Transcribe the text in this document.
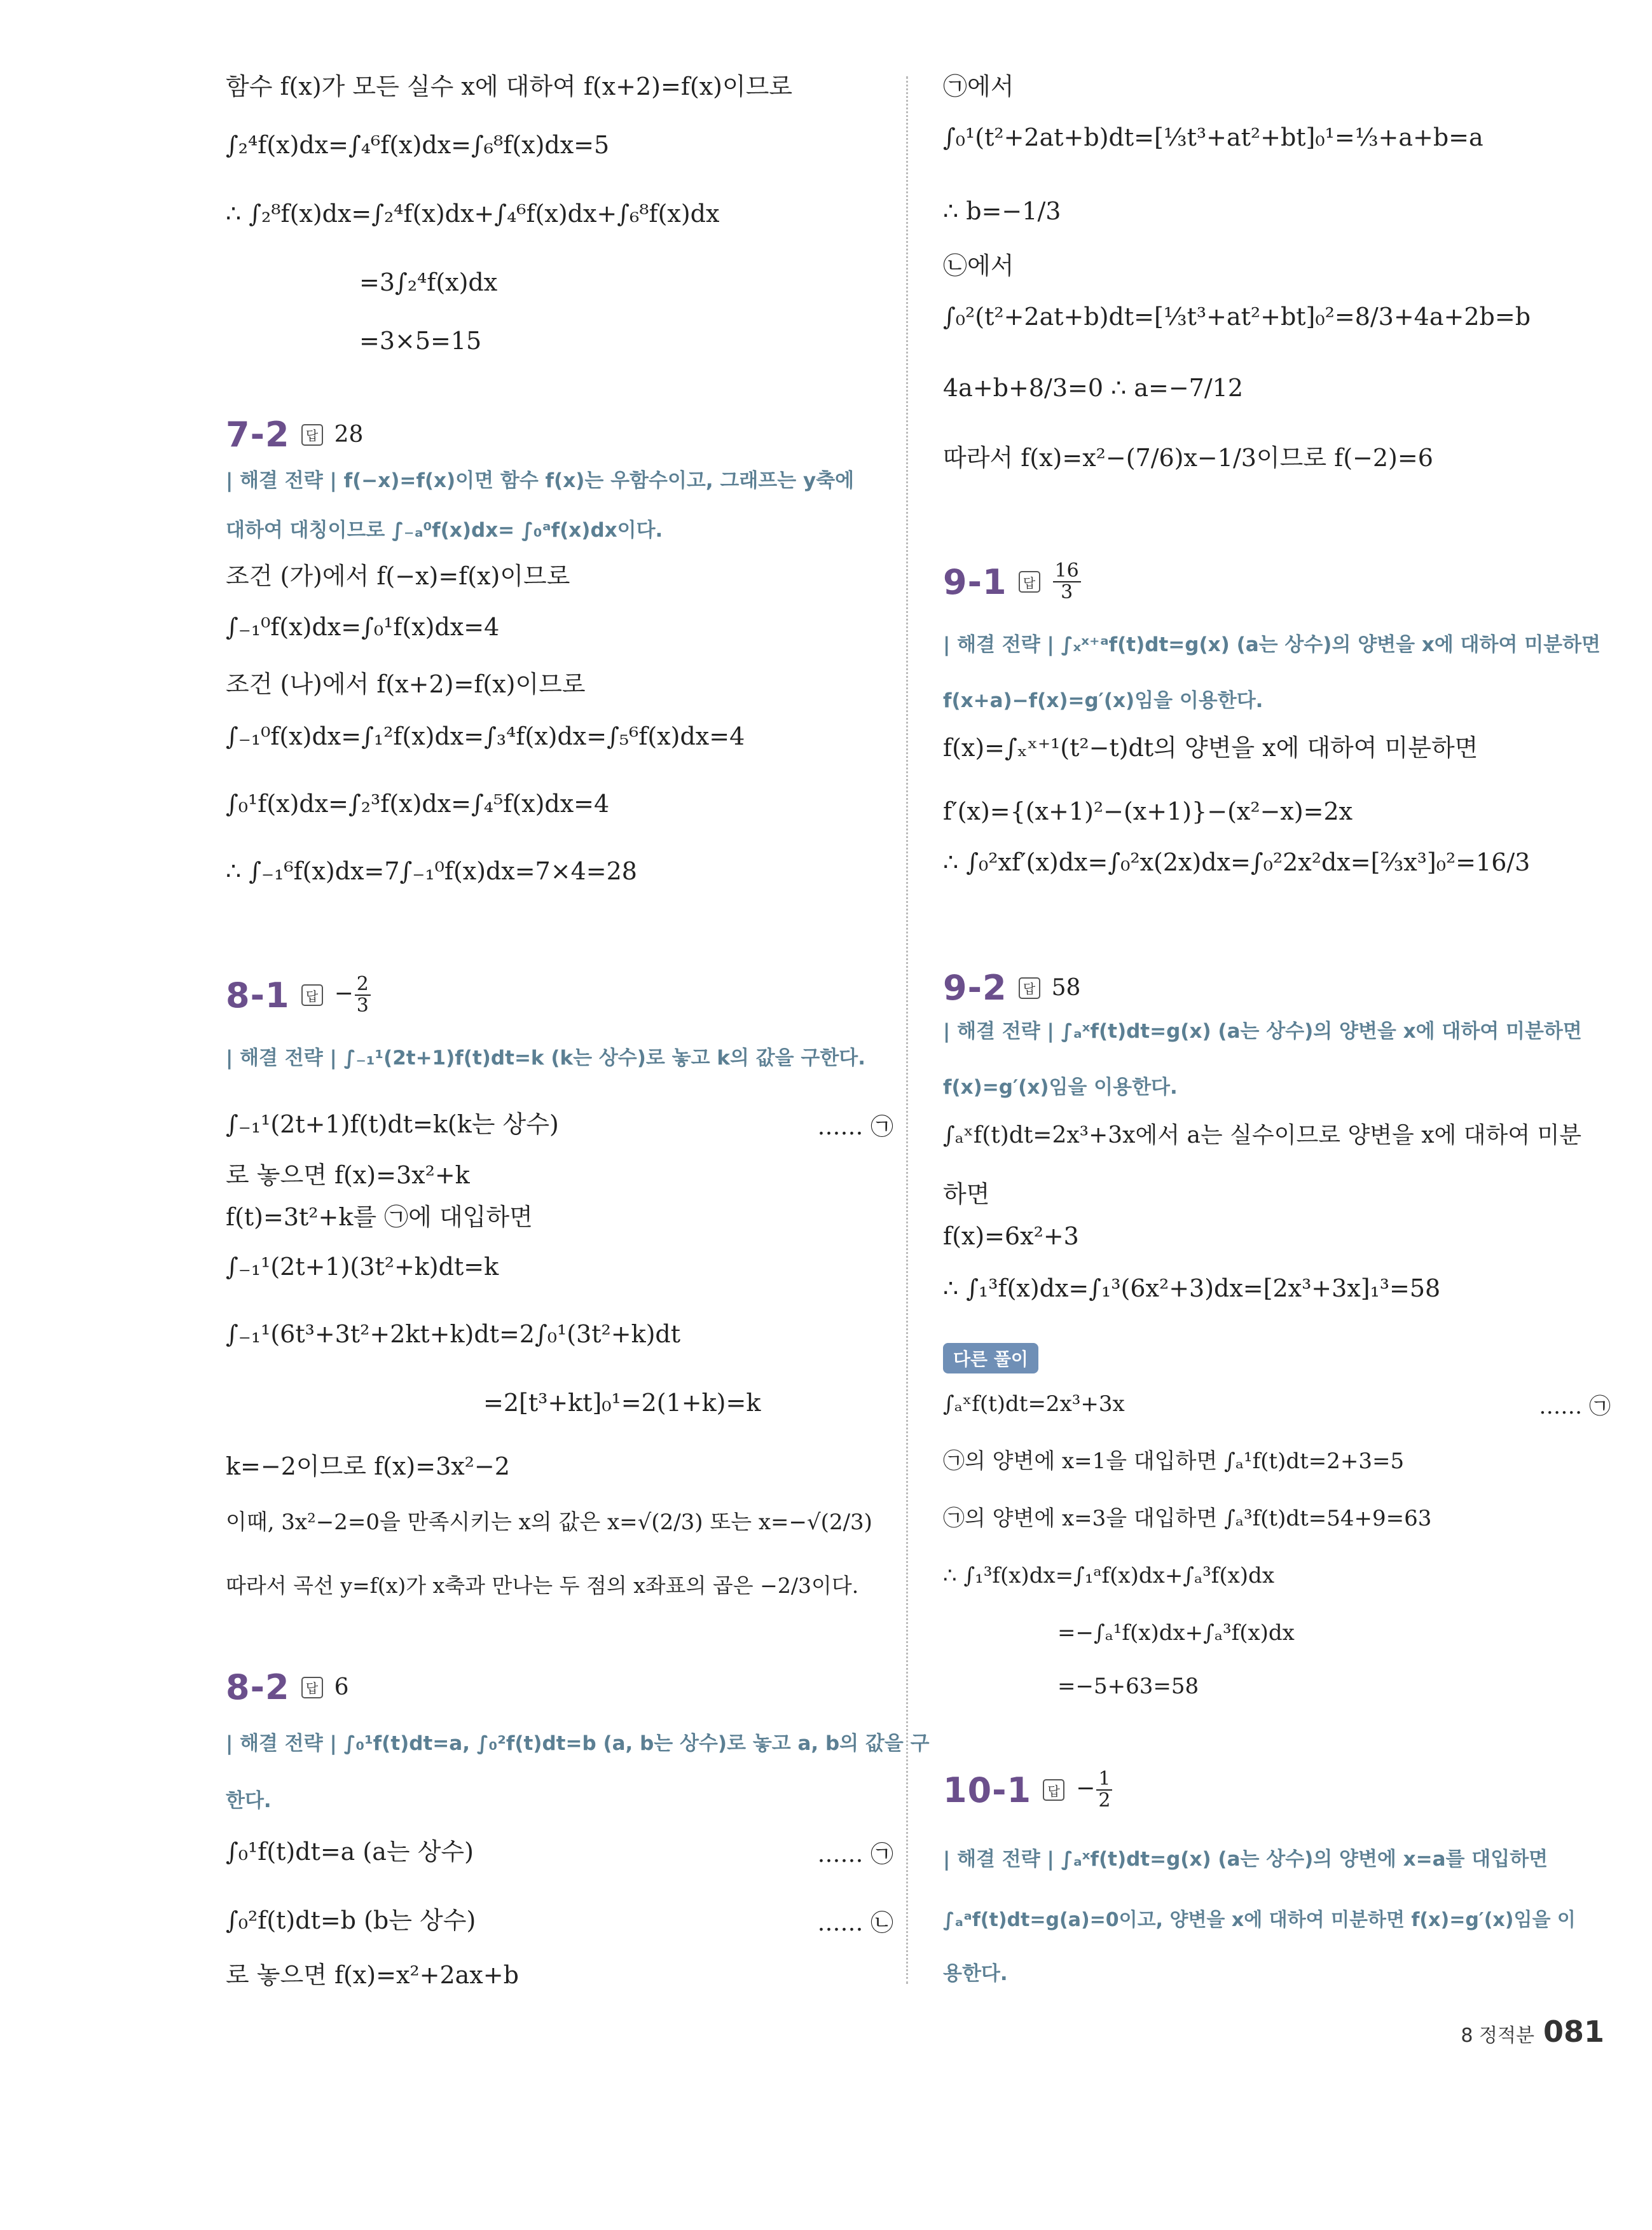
함수 f(x)가 모든 실수 x에 대하여 f(x+2)=f(x)이므로
∫₂⁴f(x)dx=∫₄⁶f(x)dx=∫₆⁸f(x)dx=5
∴ ∫₂⁸f(x)dx=∫₂⁴f(x)dx+∫₄⁶f(x)dx+∫₆⁸f(x)dx
=3∫₂⁴f(x)dx
=3×5=15
7-2	답 28
| 해결 전략 | f(−x)=f(x)이면 함수 f(x)는 우함수이고, 그래프는 y축에
대하여 대칭이므로 ∫₋ₐ⁰f(x)dx= ∫₀ᵃf(x)dx이다.
조건 (가)에서 f(−x)=f(x)이므로
∫₋₁⁰f(x)dx=∫₀¹f(x)dx=4
조건 (나)에서 f(x+2)=f(x)이므로
∫₋₁⁰f(x)dx=∫₁²f(x)dx=∫₃⁴f(x)dx=∫₅⁶f(x)dx=4
∫₀¹f(x)dx=∫₂³f(x)dx=∫₄⁵f(x)dx=4
∴ ∫₋₁⁶f(x)dx=7∫₋₁⁰f(x)dx=7×4=28
8-1	답 − $\frac{2}{3}$
| 해결 전략 | ∫₋₁¹(2t+1)f(t)dt=k (k는 상수)로 놓고 k의 값을 구한다.
∫₋₁¹(2t+1)f(t)dt=k(k는 상수)	…… ㉠
로 놓으면 f(x)=3x²+k
f(t)=3t²+k를 ㉠에 대입하면
∫₋₁¹(2t+1)(3t²+k)dt=k
∫₋₁¹(6t³+3t²+2kt+k)dt=2∫₀¹(3t²+k)dt
=2[t³+kt]₀¹=2(1+k)=k
k=−2이므로 f(x)=3x²−2
이때, 3x²−2=0을 만족시키는 x의 값은 x=√(2/3) 또는 x=−√(2/3)
따라서 곡선 y=f(x)가 x축과 만나는 두 점의 x좌표의 곱은 −2/3이다.
8-2	답 6
| 해결 전략 | ∫₀¹f(t)dt=a, ∫₀²f(t)dt=b (a, b는 상수)로 놓고 a, b의 값을 구
한다.
∫₀¹f(t)dt=a (a는 상수)	…… ㉠
∫₀²f(t)dt=b (b는 상수)	…… ㉡
로 놓으면 f(x)=x²+2ax+b
㉠에서
∫₀¹(t²+2at+b)dt=[⅓t³+at²+bt]₀¹=⅓+a+b=a
∴ b=−1/3
㉡에서
∫₀²(t²+2at+b)dt=[⅓t³+at²+bt]₀²=8/3+4a+2b=b
4a+b+8/3=0 ∴ a=−7/12
따라서 f(x)=x²−(7/6)x−1/3이므로 f(−2)=6
9-1	답 $\frac{16}{3}$
| 해결 전략 | ∫ₓˣ⁺ᵃf(t)dt=g(x) (a는 상수)의 양변을 x에 대하여 미분하면
f(x+a)−f(x)=g′(x)임을 이용한다.
f(x)=∫ₓˣ⁺¹(t²−t)dt의 양변을 x에 대하여 미분하면
f′(x)={(x+1)²−(x+1)}−(x²−x)=2x
∴ ∫₀²xf′(x)dx=∫₀²x(2x)dx=∫₀²2x²dx=[⅔x³]₀²=16/3
9-2	답 58
| 해결 전략 | ∫ₐˣf(t)dt=g(x) (a는 상수)의 양변을 x에 대하여 미분하면
f(x)=g′(x)임을 이용한다.
∫ₐˣf(t)dt=2x³+3x에서 a는 실수이므로 양변을 x에 대하여 미분
하면
f(x)=6x²+3
∴ ∫₁³f(x)dx=∫₁³(6x²+3)dx=[2x³+3x]₁³=58
다른 풀이
∫ₐˣf(t)dt=2x³+3x	…… ㉠
㉠의 양변에 x=1을 대입하면 ∫ₐ¹f(t)dt=2+3=5
㉠의 양변에 x=3을 대입하면 ∫ₐ³f(t)dt=54+9=63
∴ ∫₁³f(x)dx=∫₁ᵃf(x)dx+∫ₐ³f(x)dx
=−∫ₐ¹f(x)dx+∫ₐ³f(x)dx
=−5+63=58
10-1	답 − $\frac{1}{2}$
| 해결 전략 | ∫ₐˣf(t)dt=g(x) (a는 상수)의 양변에 x=a를 대입하면
∫ₐᵃf(t)dt=g(a)=0이고, 양변을 x에 대하여 미분하면 f(x)=g′(x)임을 이
용한다.
8 정적분 081
